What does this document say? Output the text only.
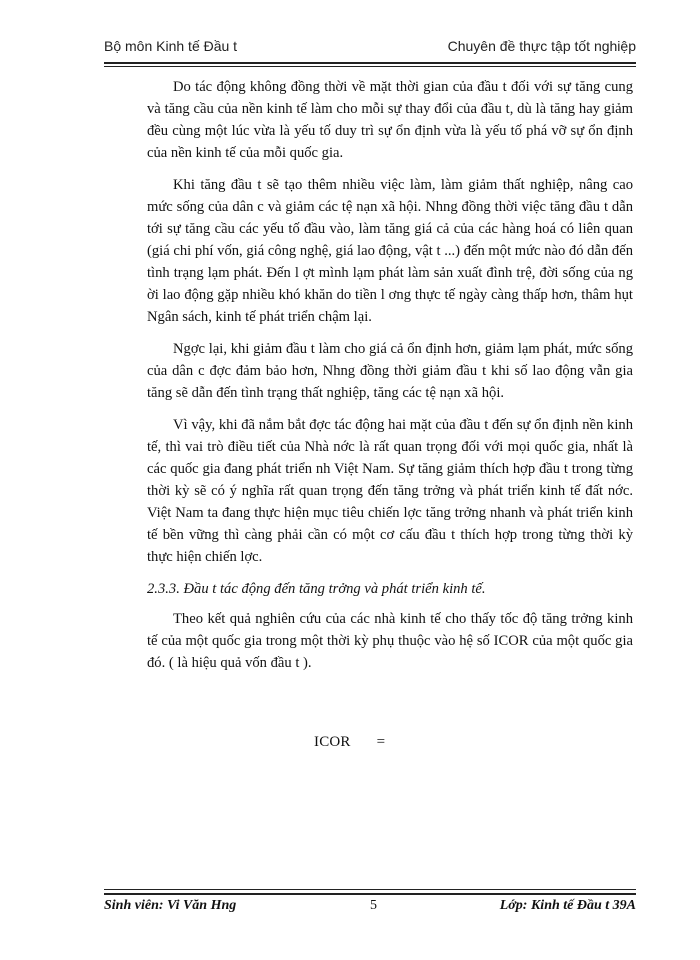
Bộ môn Kinh tế Đầu t	Chuyên đề thực tập tốt nghiệp

Do tác động không đồng thời về mặt thời gian của đầu t đối với sự tăng cung và tăng cầu của nền kinh tế làm cho mỗi sự thay đổi của đầu t, dù là tăng hay giảm đều cùng một lúc vừa là yếu tố duy trì sự ổn định vừa là yếu tố phá vỡ sự ổn định của nền kinh tế của mỗi quốc gia.

Khi tăng đầu t sẽ tạo thêm nhiều việc làm, làm giảm thất nghiệp, nâng cao mức sống của dân c và giảm các tệ nạn xã hội. Nhng đồng thời việc tăng đầu t dẫn tới sự tăng cầu các yếu tố đầu vào, làm tăng giá cả của các hàng hoá có liên quan (giá chi phí vốn, giá công nghệ, giá lao động, vật t ...) đến một mức nào đó dẫn đến tình trạng lạm phát. Đến l ợt mình lạm phát làm sản xuất đình trệ, đời sống của ng ời lao động gặp nhiều khó khăn do tiền l ơng thực tế ngày càng thấp hơn, thâm hụt Ngân sách, kinh tế phát triển chậm lại.

Ngợc lại, khi giảm đầu t làm cho giá cả ổn định hơn, giảm lạm phát, mức sống của dân c đợc đảm bảo hơn, Nhng đồng thời giảm đầu t khi số lao động vẫn gia tăng sẽ dẫn đến tình trạng thất nghiệp, tăng các tệ nạn xã hội.

Vì vậy, khi đã nắm bắt đợc tác động hai mặt của đầu t đến sự ổn định nền kinh tế, thì vai trò điều tiết của Nhà nớc là rất quan trọng đối với mọi quốc gia, nhất là các quốc gia đang phát triển nh Việt Nam. Sự tăng giảm thích hợp đầu t trong từng thời kỳ sẽ có ý nghĩa rất quan trọng đến tăng trởng và phát triển kinh tế đất nớc. Việt Nam ta đang thực hiện mục tiêu chiến lợc tăng trởng nhanh và phát triển kinh tế bền vững thì càng phải cần có một cơ cấu đầu t thích hợp trong từng thời kỳ thực hiện chiến lợc.

2.3.3. Đầu t tác động đến tăng trởng và phát triển kinh tế.

Theo kết quả nghiên cứu của các nhà kinh tế cho thấy tốc độ tăng trởng kinh tế của một quốc gia trong một thời kỳ phụ thuộc vào hệ số ICOR của một quốc gia đó. ( là hiệu quả vốn đầu t ).

ICOR =
Sinh viên: Vi Văn Hng	5	Lớp: Kinh tế Đầu t 39A
